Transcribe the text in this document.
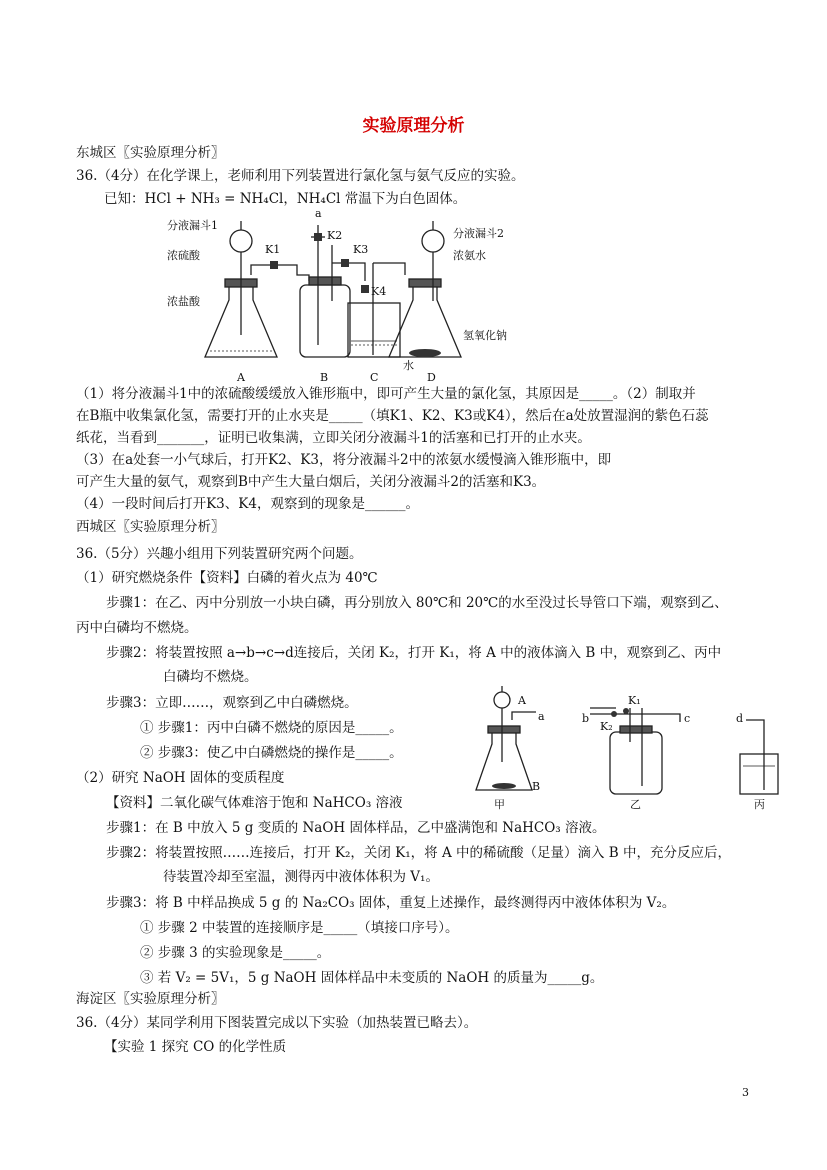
实验原理分析
东城区〖实验原理分析〗
36.（4分）在化学课上，老师利用下列装置进行氯化氢与氨气反应的实验。
已知：HCl + NH₃ = NH₄Cl，NH₄Cl 常温下为白色固体。
分液漏斗1
浓硫酸
浓盐酸
K1
a
K2
K3
K4
分液漏斗2
浓氨水
氢氧化钠
水
A	B	C	D
（1）将分液漏斗1中的浓硫酸缓缓放入锥形瓶中，即可产生大量的氯化氢，其原因是_____。（2）制取并
在B瓶中收集氯化氢，需要打开的止水夹是_____（填K1、K2、K3或K4），然后在a处放置湿润的紫色石蕊
纸花，当看到_______，证明已收集满，立即关闭分液漏斗1的活塞和已打开的止水夹。
（3）在a处套一小气球后，打开K2、K3，将分液漏斗2中的浓氨水缓慢滴入锥形瓶中，即
可产生大量的氨气，观察到B中产生大量白烟后，关闭分液漏斗2的活塞和K3。
（4）一段时间后打开K3、K4，观察到的现象是______。
西城区〖实验原理分析〗
36.（5分）兴趣小组用下列装置研究两个问题。
（1）研究燃烧条件【资料】白磷的着火点为 40℃
步骤1：在乙、丙中分别放一小块白磷，再分别放入 80℃和 20℃的水至没过长导管口下端，观察到乙、
丙中白磷均不燃烧。
步骤2：将装置按照 a→b→c→d连接后，关闭 K₂，打开 K₁，将 A 中的液体滴入 B 中，观察到乙、丙中
白磷均不燃烧。
步骤3：立即……，观察到乙中白磷燃烧。
① 步骤1：丙中白磷不燃烧的原因是_____。
② 步骤3：使乙中白磷燃烧的操作是_____。
（2）研究 NaOH 固体的变质程度
【资料】二氧化碳气体难溶于饱和 NaHCO₃ 溶液
A
a
B
甲
K₁
K₂
b	c
乙
d
丙
步骤1：在 B 中放入 5 g 变质的 NaOH 固体样品，乙中盛满饱和 NaHCO₃ 溶液。
步骤2：将装置按照……连接后，打开 K₂，关闭 K₁，将 A 中的稀硫酸（足量）滴入 B 中，充分反应后，
待装置冷却至室温，测得丙中液体体积为 V₁。
步骤3：将 B 中样品换成 5 g 的 Na₂CO₃ 固体，重复上述操作，最终测得丙中液体体积为 V₂。
① 步骤 2 中装置的连接顺序是_____（填接口序号）。
② 步骤 3 的实验现象是_____。
③ 若 V₂ = 5V₁，5 g NaOH 固体样品中未变质的 NaOH 的质量为_____g。
海淀区〖实验原理分析〗
36.（4分）某同学利用下图装置完成以下实验（加热装置已略去）。
【实验 1 探究 CO 的化学性质
3
